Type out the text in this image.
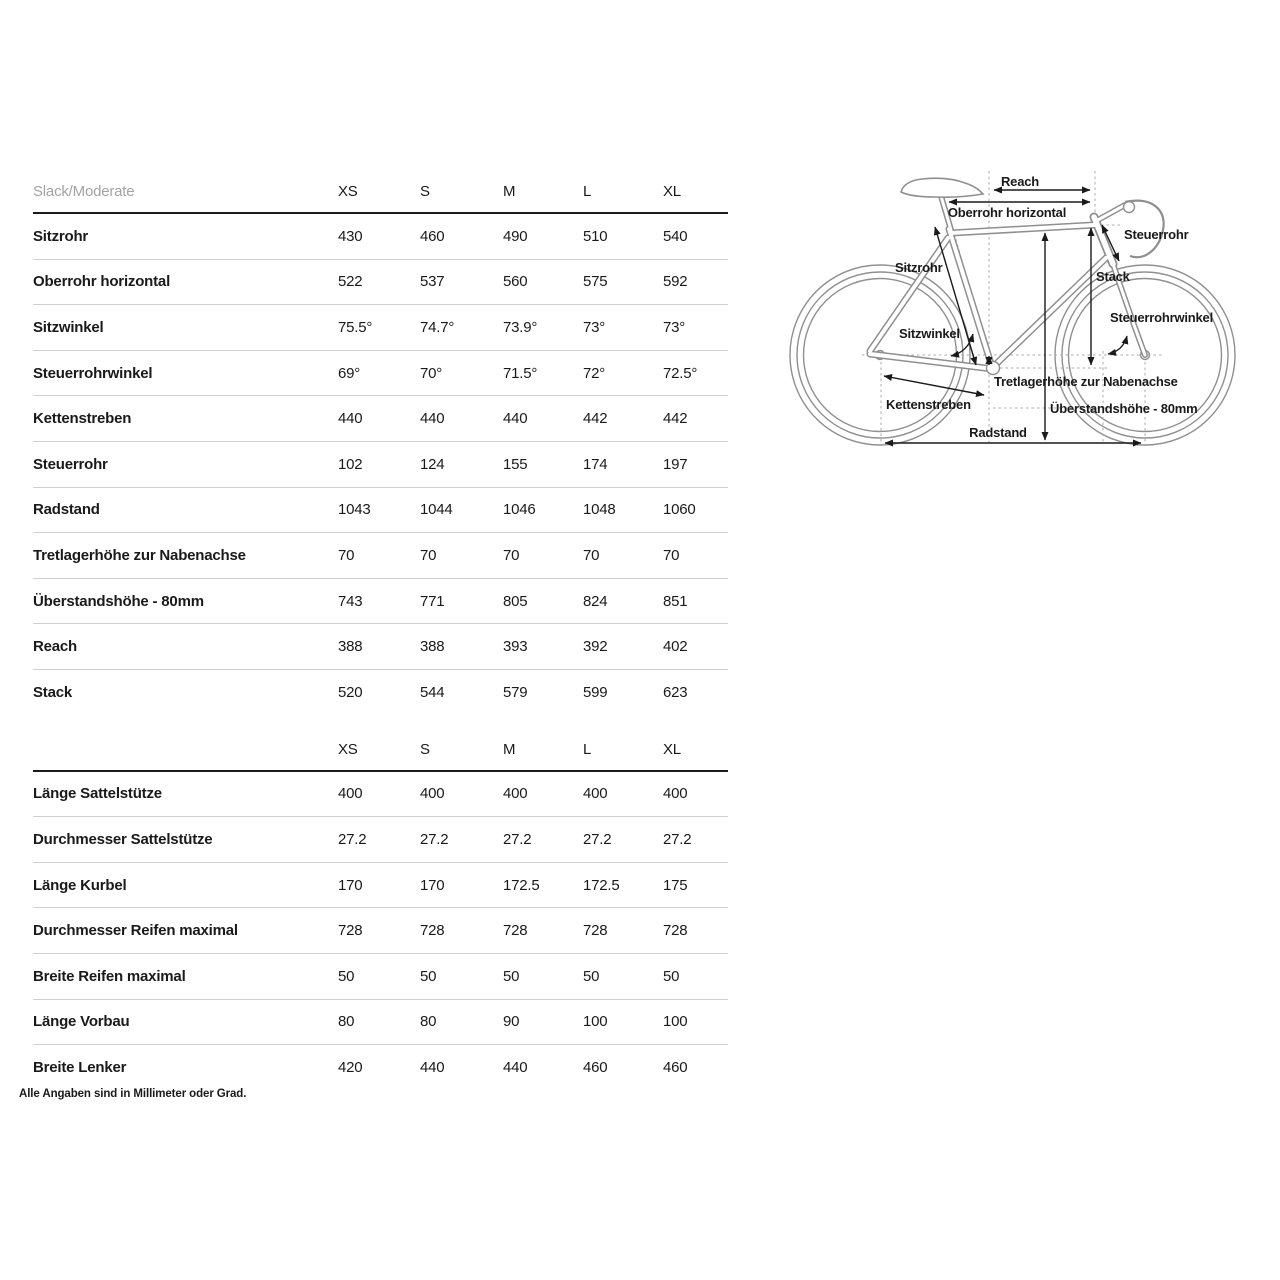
Slack/Moderate	XS	S	M	L	XL
Sitzrohr	430	460	490	510	540
Oberrohr horizontal	522	537	560	575	592
Sitzwinkel	75.5°	74.7°	73.9°	73°	73°
Steuerrohrwinkel	69°	70°	71.5°	72°	72.5°
Kettenstreben	440	440	440	442	442
Steuerrohr	102	124	155	174	197
Radstand	1043	1044	1046	1048	1060
Tretlagerhöhe zur Nabenachse	70	70	70	70	70
Überstandshöhe - 80mm	743	771	805	824	851
Reach	388	388	393	392	402
Stack	520	544	579	599	623
XS	S	M	L	XL
Länge Sattelstütze	400	400	400	400	400
Durchmesser Sattelstütze	27.2	27.2	27.2	27.2	27.2
Länge Kurbel	170	170	172.5	172.5	175
Durchmesser Reifen maximal	728	728	728	728	728
Breite Reifen maximal	50	50	50	50	50
Länge Vorbau	80	80	90	100	100
Breite Lenker	420	440	440	460	460
Alle Angaben sind in Millimeter oder Grad.
Reach
Oberrohr horizontal
Steuerrohr
Stack
Sitzrohr
Sitzwinkel
Steuerrohrwinkel
Tretlagerhöhe zur Nabenachse
Kettenstreben	Überstandshöhe - 80mm
Radstand
